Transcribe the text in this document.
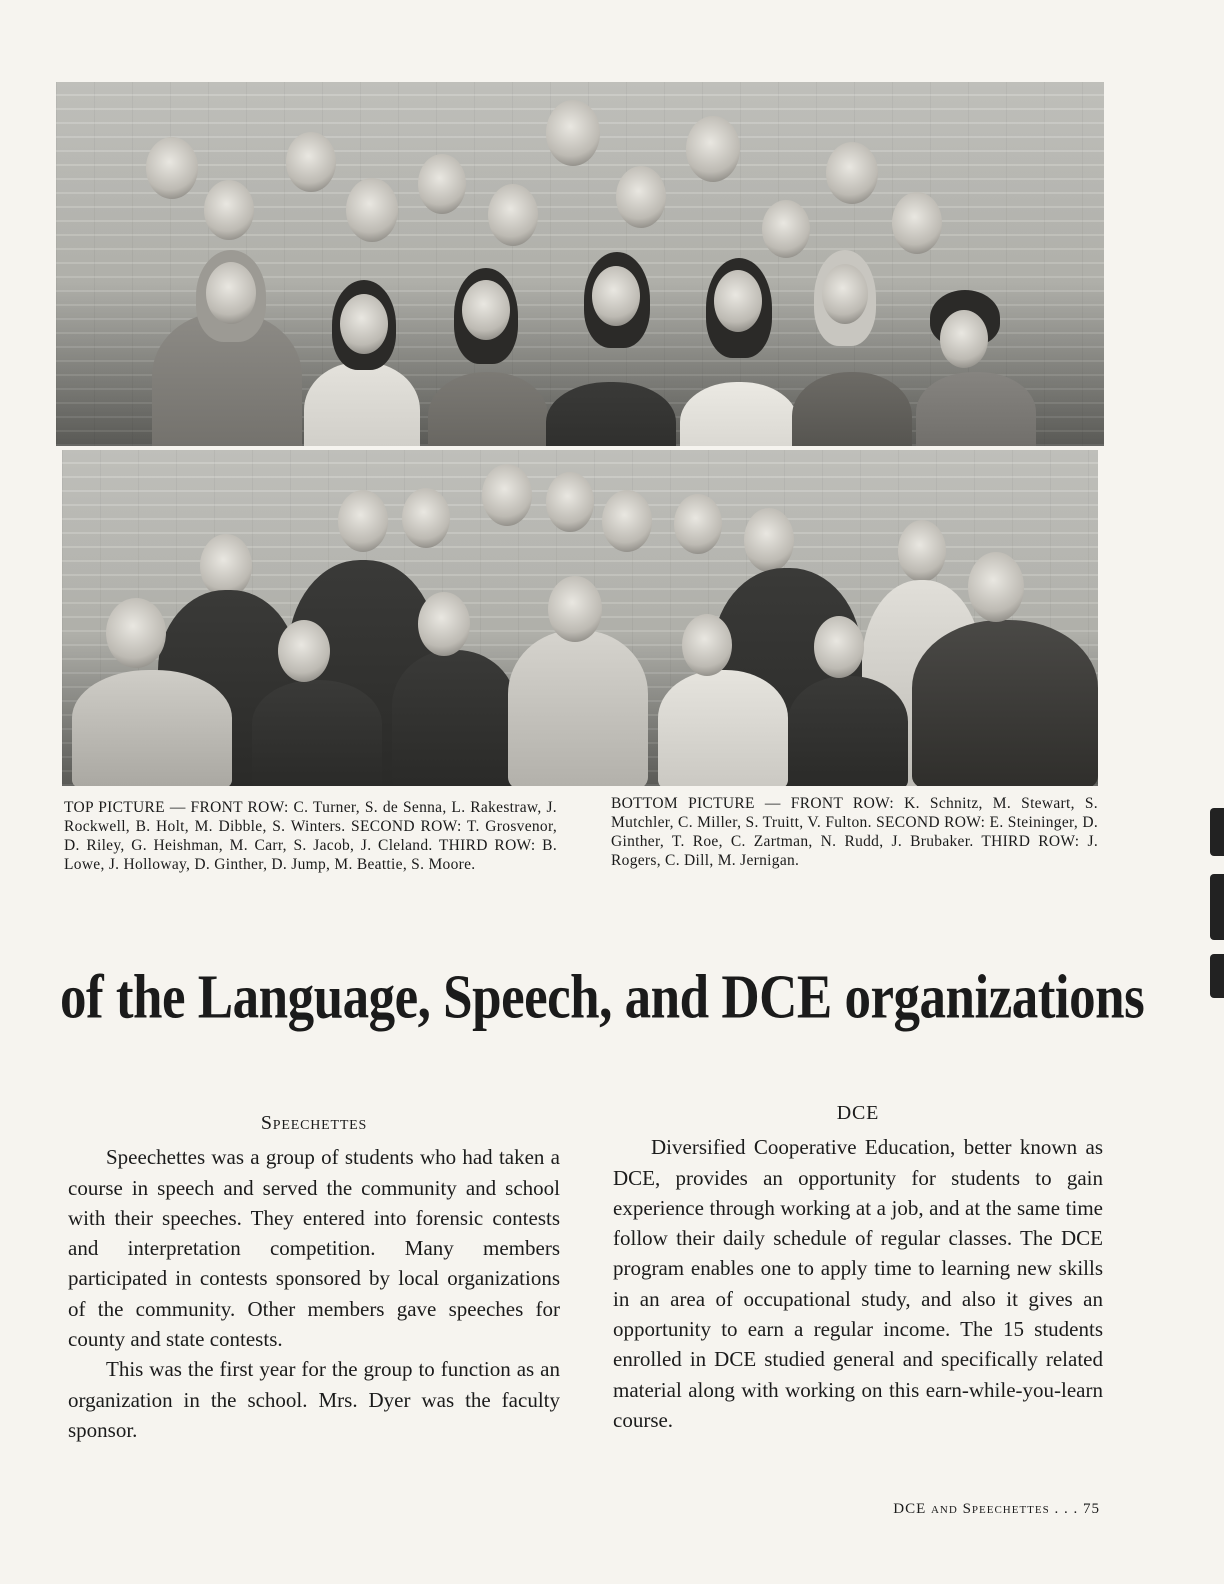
TOP PICTURE — FRONT ROW: C. Turner, S. de Senna, L. Rakestraw, J. Rockwell, B. Holt, M. Dibble, S. Winters. SECOND ROW: T. Grosvenor, D. Riley, G. Heishman, M. Carr, S. Jacob, J. Cleland. THIRD ROW: B. Lowe, J. Holloway, D. Ginther, D. Jump, M. Beattie, S. Moore.
BOTTOM PICTURE — FRONT ROW: K. Schnitz, M. Stewart, S. Mutchler, C. Miller, S. Truitt, V. Fulton. SECOND ROW: E. Steininger, D. Ginther, T. Roe, C. Zartman, N. Rudd, J. Brubaker. THIRD ROW: J. Rogers, C. Dill, M. Jernigan.
of the Language, Speech, and DCE organizations
Speechettes

Speechettes was a group of students who had taken a course in speech and served the community and school with their speeches. They entered into forensic contests and interpretation competition. Many members participated in contests sponsored by local organizations of the community. Other members gave speeches for county and state contests.

This was the first year for the group to function as an organization in the school. Mrs. Dyer was the faculty sponsor.

DCE

Diversified Cooperative Education, better known as DCE, provides an opportunity for students to gain experience through working at a job, and at the same time follow their daily schedule of regular classes. The DCE program enables one to apply time to learning new skills in an area of occupational study, and also it gives an opportunity to earn a regular income. The 15 students enrolled in DCE studied general and specifically related material along with working on this earn-while-you-learn course.

DCE and Speechettes . . . 75
